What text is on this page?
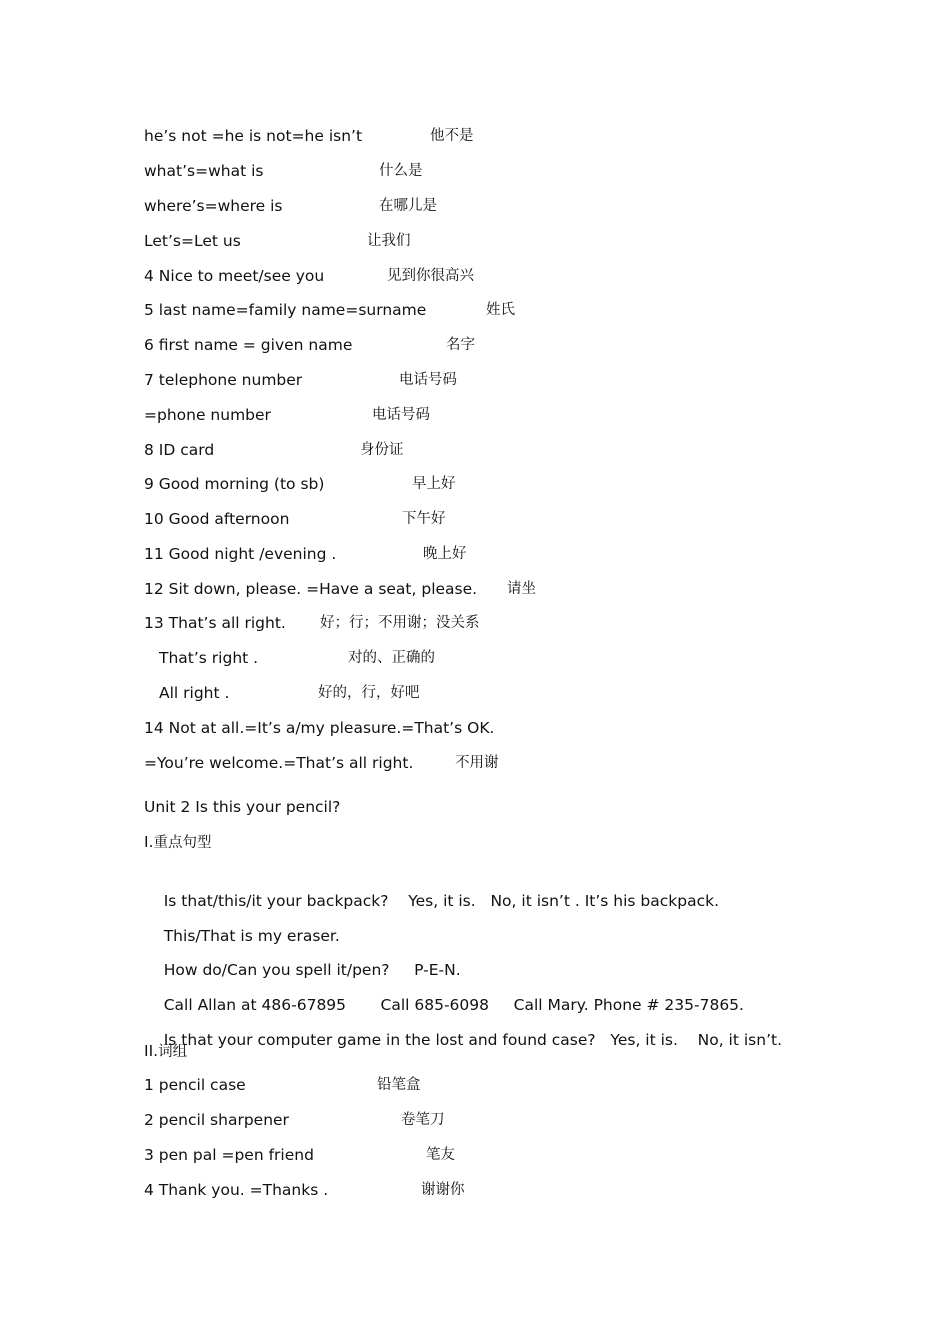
he’s not =he is not=he isn’t	他不是
what’s=what is	什么是
where’s=where is	在哪儿是
Let’s=Let us	让我们
4 Nice to meet/see you	见到你很高兴
5 last name=family name=surname	姓氏
6 first name = given name	名字
7 telephone number	电话号码
=phone number	电话号码
8 ID card	身份证
9 Good morning (to sb)	早上好
10 Good afternoon	下午好
11 Good night /evening .	晚上好
12 Sit down, please. =Have a seat, please. 请坐
13 That’s all right. 好；行；不用谢；没关系
That’s right .	对的、正确的
All right .	好的，行，好吧
14 Not at all.=It’s a/my pleasure.=That’s OK.
=You’re welcome.=That’s all right.	不用谢
Unit 2 Is this your pencil?
I.重点句型

Is that/this/it your backpack?    Yes, it is.   No, it isn’t . It’s his backpack.

This/That is my eraser.

How do/Can you spell it/pen?     P-E-N.

Call Allan at 486-67895       Call 685-6098     Call Mary. Phone # 235-7865.

Is that your computer game in the lost and found case?   Yes, it is.    No, it isn’t.

II.词组
1 pencil case	铅笔盒
2 pencil sharpener	卷笔刀
3 pen pal =pen friend	笔友
4 Thank you. =Thanks .	谢谢你
